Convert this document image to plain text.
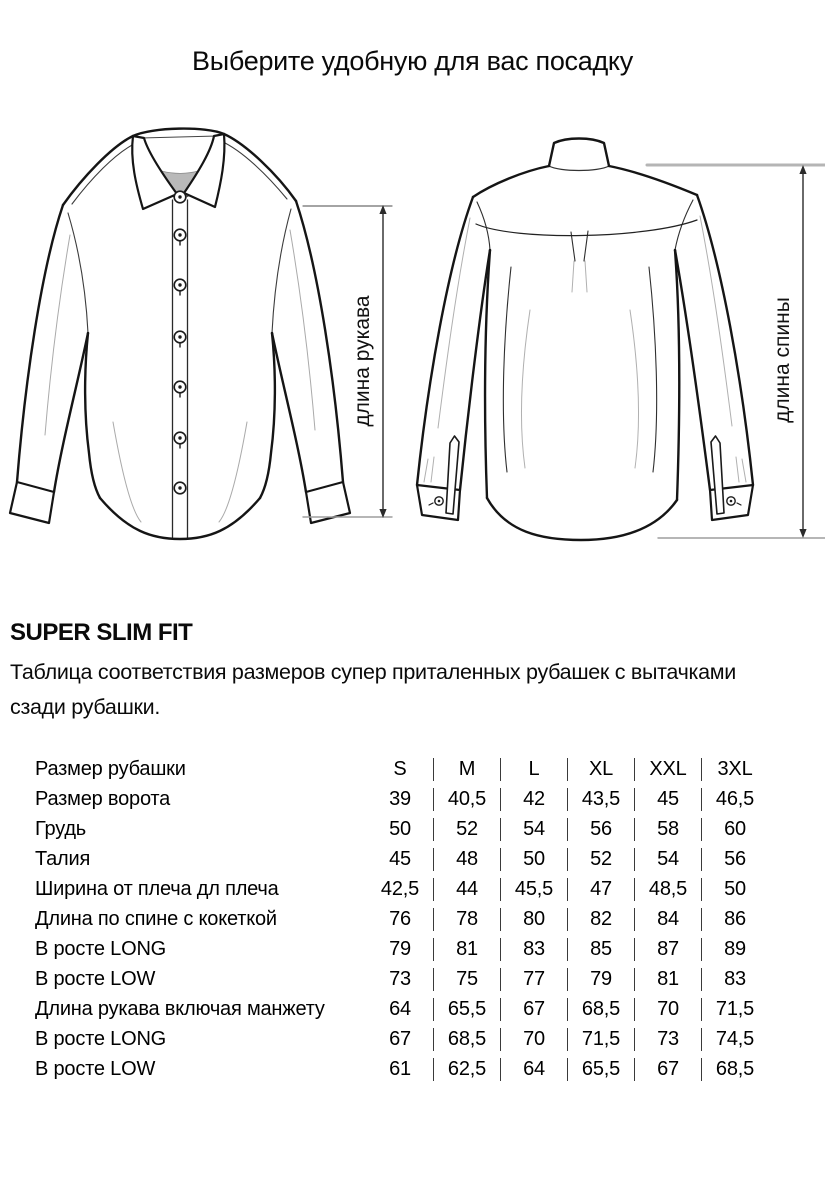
Выберите удобную для вас посадку
длина рукава	длина спины
SUPER SLIM FIT
Таблица соответствия размеров супер приталенных рубашек с вытачками
сзади рубашки.
Размер рубашки	S	M	L	XL	XXL	3XL
Размер ворота	39	40,5	42	43,5	45	46,5
Грудь	50	52	54	56	58	60
Талия	45	48	50	52	54	56
Ширина от плеча дл плеча	42,5	44	45,5	47	48,5	50
Длина по спине с кокеткой	76	78	80	82	84	86
В росте LONG	79	81	83	85	87	89
В росте LOW	73	75	77	79	81	83
Длина рукава включая манжету	64	65,5	67	68,5	70	71,5
В росте LONG	67	68,5	70	71,5	73	74,5
В росте LOW	61	62,5	64	65,5	67	68,5
